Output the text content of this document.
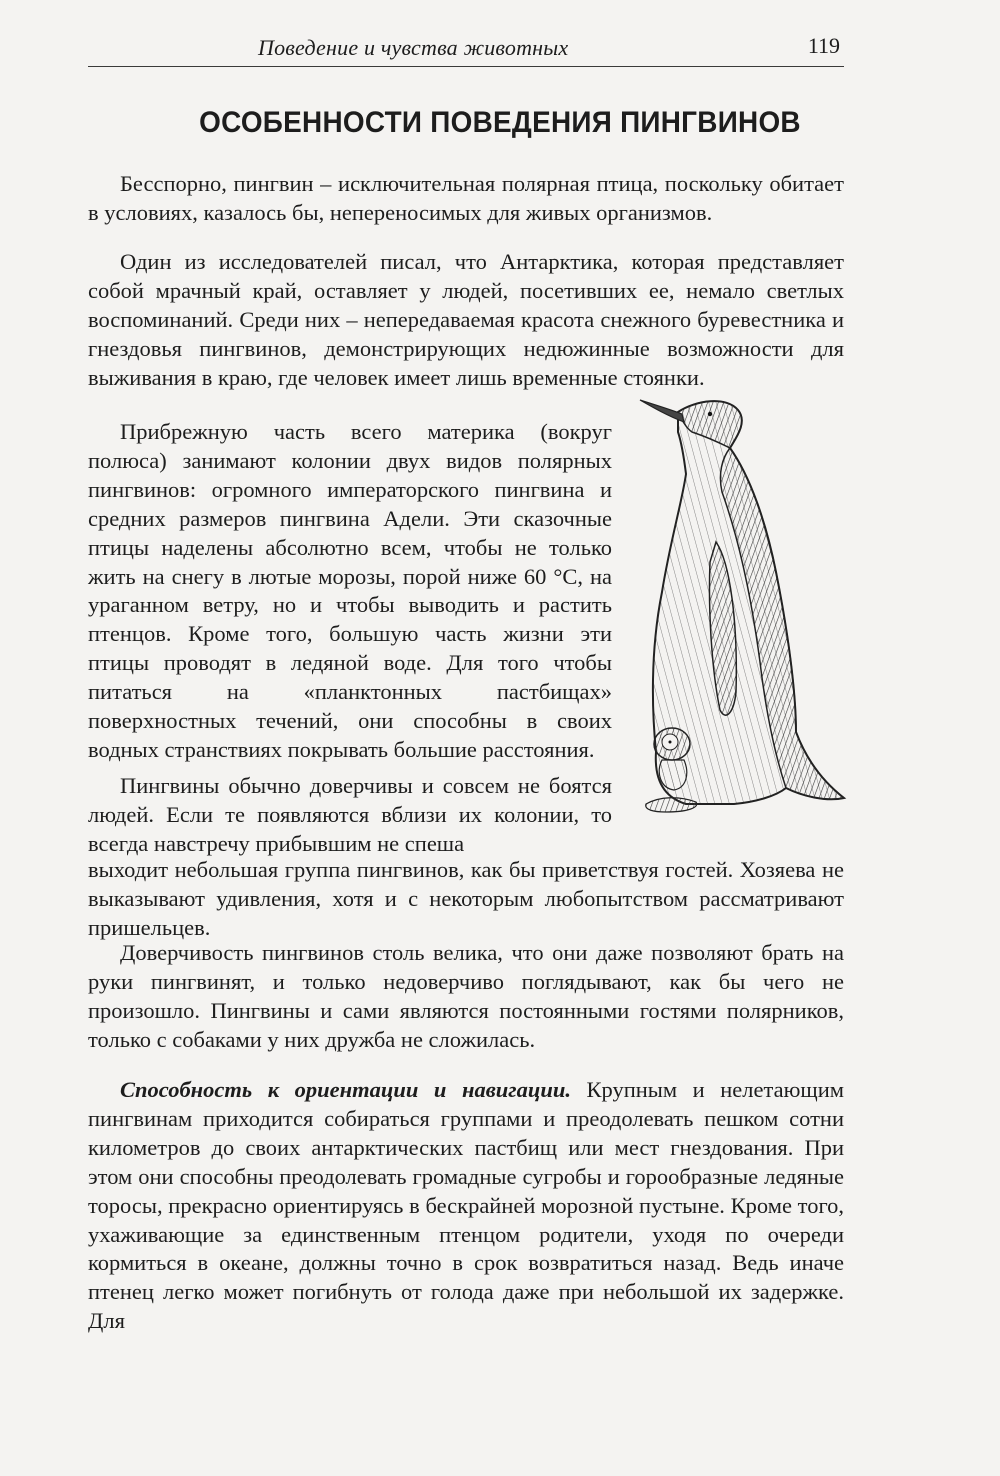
Поведение и чувства животных	119
ОСОБЕННОСТИ ПОВЕДЕНИЯ ПИНГВИНОВ

Бесспорно, пингвин – исключительная полярная птица, поскольку обитает в условиях, казалось бы, непереносимых для живых организмов.

Один из исследователей писал, что Антарктика, которая представляет собой мрачный край, оставляет у людей, посетивших ее, немало светлых воспоминаний. Среди них – непередаваемая красота снежного буревестника и гнездовья пингвинов, демонстрирующих недюжинные возможности для выживания в краю, где человек имеет лишь временные стоянки.

Прибрежную часть всего материка (вокруг полюса) занимают колонии двух видов полярных пингвинов: огромного императорского пингвина и средних размеров пингвина Адели. Эти сказочные птицы наделены абсолютно всем, чтобы не только жить на снегу в лютые морозы, порой ниже 60 °С, на ураганном ветру, но и чтобы выводить и растить птенцов. Кроме того, большую часть жизни эти птицы проводят в ледяной воде. Для того чтобы питаться на «планктонных пастбищах» поверхностных течений, они способны в своих водных странствиях покрывать большие расстояния.

Пингвины обычно доверчивы и совсем не боятся людей. Если те появляются вблизи их колонии, то всегда навстречу прибывшим не спеша

выходит небольшая группа пингвинов, как бы приветствуя гостей. Хозяева не выказывают удивления, хотя и с некоторым любопытством рассматривают пришельцев.

Доверчивость пингвинов столь велика, что они даже позволяют брать на руки пингвинят, и только недоверчиво поглядывают, как бы чего не произошло. Пингвины и сами являются постоянными гостями полярников, только с собаками у них дружба не сложилась.

Способность к ориентации и навигации. Крупным и нелетающим пингвинам приходится собираться группами и преодолевать пешком сотни километров до своих антарктических пастбищ или мест гнездования. При этом они способны преодолевать громадные сугробы и горообразные ледяные торосы, прекрасно ориентируясь в бескрайней морозной пустыне. Кроме того, ухаживающие за единственным птенцом родители, уходя по очереди кормиться в океане, должны точно в срок возвратиться назад. Ведь иначе птенец легко может погибнуть от голода даже при небольшой их задержке. Для
